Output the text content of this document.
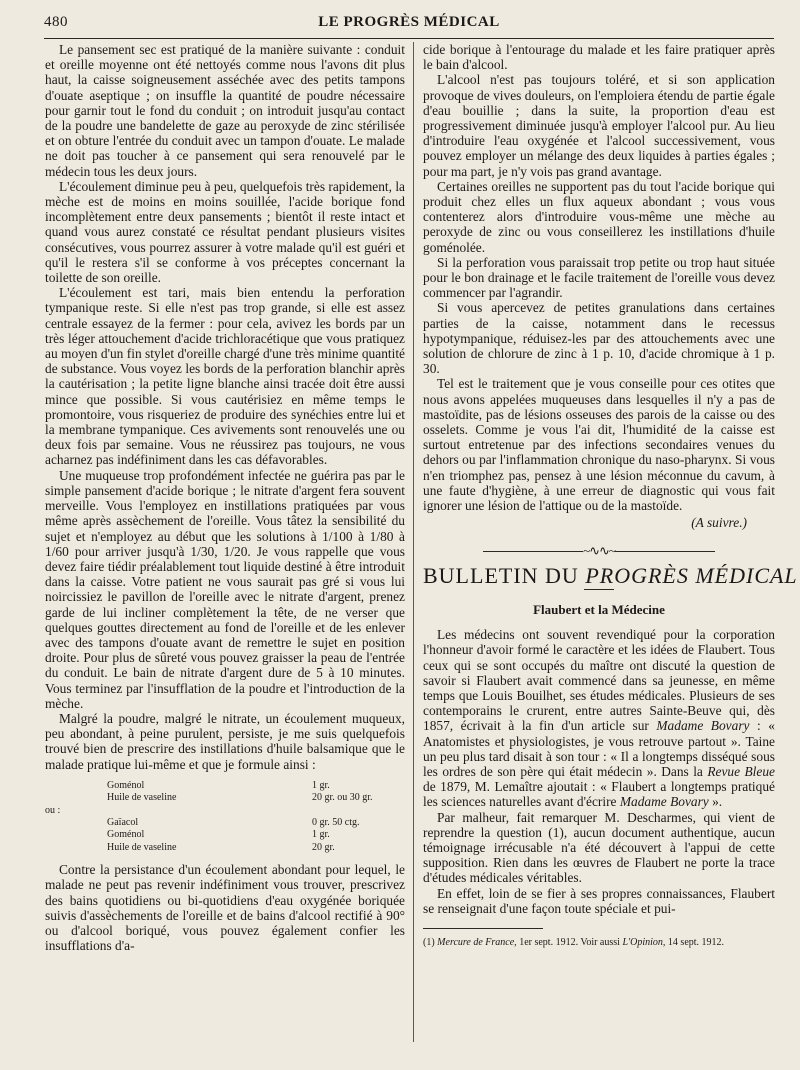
480	LE PROGRÈS MÉDICAL

Le pansement sec est pratiqué de la manière suivante : conduit et oreille moyenne ont été nettoyés comme nous l'avons dit plus haut, la caisse soigneusement asséchée avec des petits tampons d'ouate aseptique ; on insuffle la quantité de poudre nécessaire pour garnir tout le fond du conduit ; on introduit jusqu'au contact de la poudre une bandelette de gaze au peroxyde de zinc stérilisée et on obture l'entrée du conduit avec un tampon d'ouate. Le malade ne doit pas toucher à ce pansement qui sera renouvelé par le médecin tous les deux jours.

L'écoulement diminue peu à peu, quelquefois très rapidement, la mèche est de moins en moins souillée, l'acide borique fond incomplètement entre deux pansements ; bientôt il reste intact et quand vous aurez constaté ce résultat pendant plusieurs visites consécutives, vous pourrez assurer à votre malade qu'il est guéri et qu'il le restera s'il se conforme à vos préceptes concernant la toilette de son oreille.

L'écoulement est tari, mais bien entendu la perforation tympanique reste. Si elle n'est pas trop grande, si elle est assez centrale essayez de la fermer : pour cela, avivez les bords par un très léger attouchement d'acide trichloracétique que vous pratiquez au moyen d'un fin stylet d'oreille chargé d'une très minime quantité de substance. Vous voyez les bords de la perforation blanchir après la cautérisation ; la petite ligne blanche ainsi tracée doit être aussi mince que possible. Si vous cautérisiez en même temps le promontoire, vous risqueriez de produire des synéchies entre lui et la membrane tympanique. Ces avivements sont renouvelés une ou deux fois par semaine. Vous ne réussirez pas toujours, ne vous acharnez pas indéfiniment dans les cas défavorables.

Une muqueuse trop profondément infectée ne guérira pas par le simple pansement d'acide borique ; le nitrate d'argent fera souvent merveille. Vous l'employez en instillations pratiquées par vous même après assèchement de l'oreille. Vous tâtez la sensibilité du sujet et n'employez au début que les solutions à 1/100 à 1/80 à 1/60 pour arriver jusqu'à 1/30, 1/20. Je vous rappelle que vous devez faire tiédir préalablement tout liquide destiné à être introduit dans la caisse. Votre patient ne vous saurait pas gré si vous lui noircissiez le pavillon de l'oreille avec le nitrate d'argent, prenez garde de lui incliner complètement la tête, de ne verser que quelques gouttes directement au fond de l'oreille et de les enlever avec des tampons d'ouate avant de remettre le sujet en position droite. Pour plus de sûreté vous pouvez graisser la peau de l'entrée du conduit. Le bain de nitrate d'argent dure de 5 à 10 minutes. Vous terminez par l'insufflation de la poudre et l'introduction de la mèche.

Malgré la poudre, malgré le nitrate, un écoulement muqueux, peu abondant, à peine purulent, persiste, je me suis quelquefois trouvé bien de prescrire des instillations d'huile balsamique que le malade pratique lui-même et que je formule ainsi :

Goménol	1 gr.
Huile de vaseline	20 gr. ou 30 gr.
ou :
Gaïacol	0 gr. 50 ctg.
Goménol	1 gr.
Huile de vaseline	20 gr.

Contre la persistance d'un écoulement abondant pour lequel, le malade ne peut pas revenir indéfiniment vous trouver, prescrivez des bains quotidiens ou bi-quotidiens d'eau oxygénée boriquée suivis d'assèchements de l'oreille et de bains d'alcool rectifié à 90° ou d'alcool boriqué, vous pouvez également confier les insufflations d'a-

cide borique à l'entourage du malade et les faire pratiquer après le bain d'alcool.

L'alcool n'est pas toujours toléré, et si son application provoque de vives douleurs, on l'emploiera étendu de partie égale d'eau bouillie ; dans la suite, la proportion d'eau est progressivement diminuée jusqu'à employer l'alcool pur. Au lieu d'introduire l'eau oxygénée et l'alcool successivement, vous pouvez employer un mélange des deux liquides à parties égales ; pour ma part, je n'y vois pas grand avantage.

Certaines oreilles ne supportent pas du tout l'acide borique qui produit chez elles un flux aqueux abondant ; vous vous contenterez alors d'introduire vous-même une mèche au peroxyde de zinc ou vous conseillerez les instillations d'huile goménolée.

Si la perforation vous paraissait trop petite ou trop haut située pour le bon drainage et le facile traitement de l'oreille vous devez commencer par l'agrandir.

Si vous apercevez de petites granulations dans certaines parties de la caisse, notamment dans le recessus hypotympanique, réduisez-les par des attouchements avec une solution de chlorure de zinc à 1 p. 10, d'acide chromique à 1 p. 30.

Tel est le traitement que je vous conseille pour ces otites que nous avons appelées muqueuses dans lesquelles il n'y a pas de mastoïdite, pas de lésions osseuses des parois de la caisse ou des osselets. Comme je vous l'ai dit, l'humidité de la caisse est surtout entretenue par des infections secondaires venues du dehors ou par l'inflammation chronique du naso-pharynx. Si vous n'en triomphez pas, pensez à une lésion méconnue du cavum, à une faute d'hygiène, à une erreur de diagnostic qui vous fait ignorer une lésion de l'attique ou de la mastoïde.

(A suivre.)
~∿∿~
BULLETIN DU PROGRÈS MÉDICAL
Flaubert et la Médecine

Les médecins ont souvent revendiqué pour la corporation l'honneur d'avoir formé le caractère et les idées de Flaubert. Tous ceux qui se sont occupés du maître ont discuté la question de savoir si Flaubert avait commencé dans sa jeunesse, en même temps que Louis Bouilhet, ses études médicales. Plusieurs de ses contemporains le crurent, entre autres Sainte-Beuve qui, dès 1857, écrivait à la fin d'un article sur Madame Bovary : « Anatomistes et physiologistes, je vous retrouve partout ». Taine un peu plus tard disait à son tour : « Il a longtemps disséqué sous les ordres de son père qui était médecin ». Dans la Revue Bleue de 1879, M. Lemaître ajoutait : « Flaubert a longtemps pratiqué les sciences naturelles avant d'écrire Madame Bovary ».

Par malheur, fait remarquer M. Descharmes, qui vient de reprendre la question (1), aucun document authentique, aucun témoignage irrécusable n'a été découvert à l'appui de cette supposition. Rien dans les œuvres de Flaubert ne porte la trace d'études médicales véritables.

En effet, loin de se fier à ses propres connaissances, Flaubert se renseignait d'une façon toute spéciale et pui-

(1) Mercure de France, 1er sept. 1912. Voir aussi L'Opinion, 14 sept. 1912.
